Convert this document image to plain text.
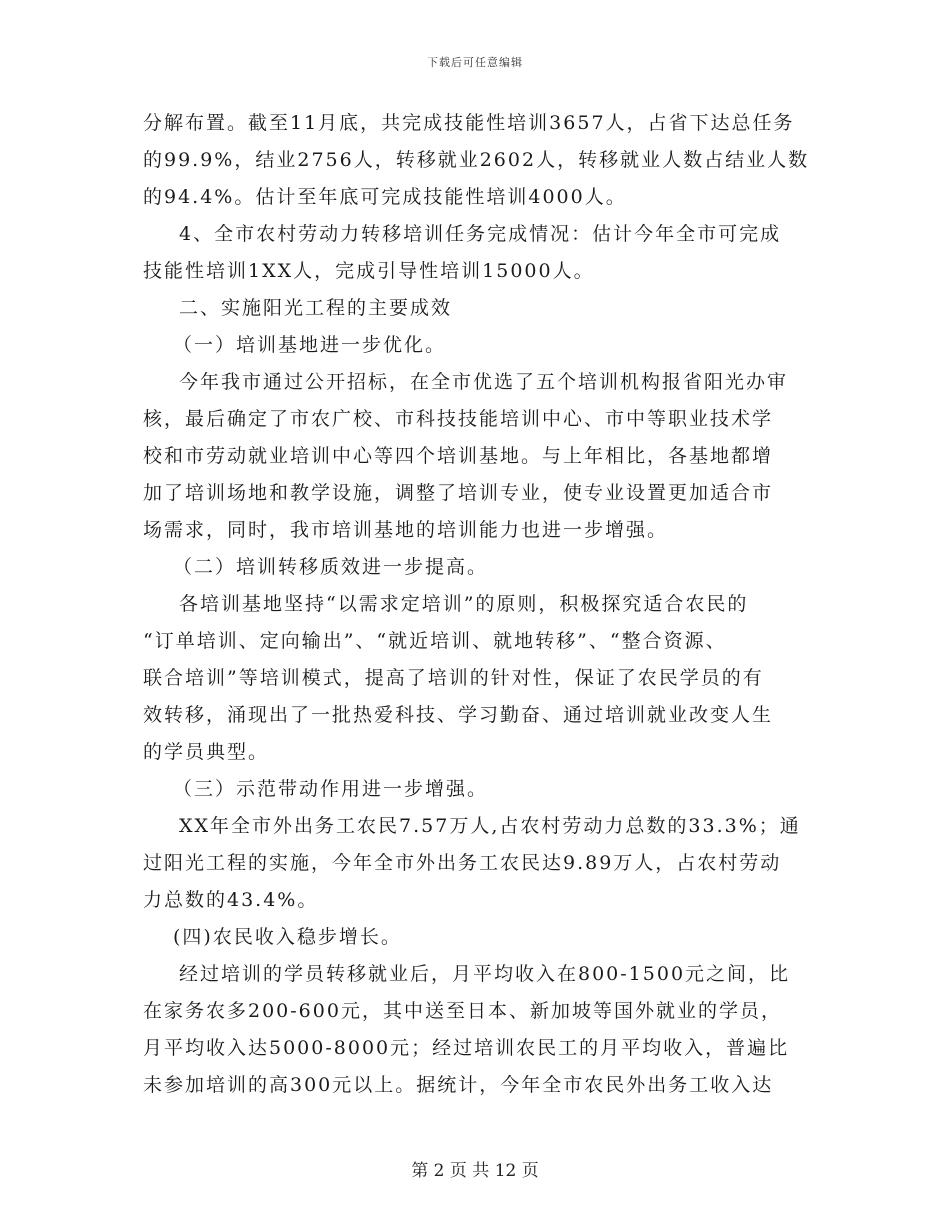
下载后可任意编辑
分解布置。截至11月底，共完成技能性培训3657人，占省下达总任务
的99.9%，结业2756人，转移就业2602人，转移就业人数占结业人数
的94.4%。估计至年底可完成技能性培训4000人。
4、全市农村劳动力转移培训任务完成情况：估计今年全市可完成
技能性培训1XX人，完成引导性培训15000人。
二、实施阳光工程的主要成效
（一）培训基地进一步优化。
今年我市通过公开招标，在全市优选了五个培训机构报省阳光办审
核，最后确定了市农广校、市科技技能培训中心、市中等职业技术学
校和市劳动就业培训中心等四个培训基地。与上年相比，各基地都增
加了培训场地和教学设施，调整了培训专业，使专业设置更加适合市
场需求，同时，我市培训基地的培训能力也进一步增强。
（二）培训转移质效进一步提高。
各培训基地坚持“以需求定培训”的原则，积极探究适合农民的
“订单培训、定向输出”、“就近培训、就地转移”、“整合资源、
联合培训”等培训模式，提高了培训的针对性，保证了农民学员的有
效转移，涌现出了一批热爱科技、学习勤奋、通过培训就业改变人生
的学员典型。
（三）示范带动作用进一步增强。
XX年全市外出务工农民7.57万人,占农村劳动力总数的33.3%；通
过阳光工程的实施，今年全市外出务工农民达9.89万人，占农村劳动
力总数的43.4%。
(四)农民收入稳步增长。
经过培训的学员转移就业后，月平均收入在800-1500元之间，比
在家务农多200-600元，其中送至日本、新加坡等国外就业的学员，
月平均收入达5000-8000元；经过培训农民工的月平均收入，普遍比
未参加培训的高300元以上。据统计，今年全市农民外出务工收入达
第 2 页 共 12 页
